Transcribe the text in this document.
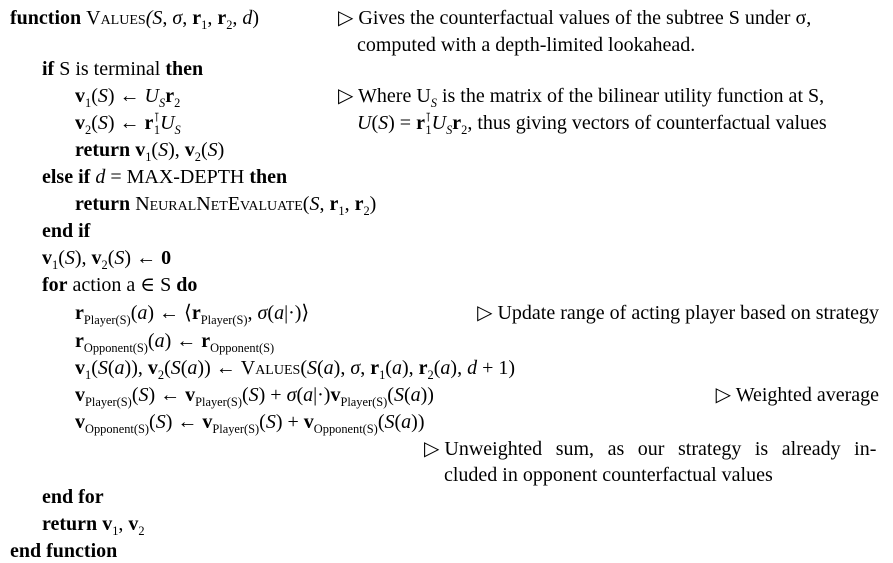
function Values(S, σ, $r_1$, $r_2$, d)	▷ Gives the counterfactual values of the subtree S under σ,
computed with a depth-limited lookahead.
if S is terminal then
$v_1(S)$ ← $U_Sr_2$	▷ Where $U_S$ is the matrix of the bilinear utility function at S,
$v_2(S)$ ← $r^⊺_1U_S$	$U(S) = r^⊺_1U_Sr_2$, thus giving vectors of counterfactual values
return $v_1(S)$, $v_2(S)$
else if d = MAX-DEPTH then
return NeuralNetEvaluate(S, $r_1$, $r_2$)
end if
$v_1(S)$, $v_2(S)$ ← 0
for action a ∈ S do
$r_{Player(S)}(a)$ ← $⟨r_{Player(S)}$, σ(a|·)⟩	▷ Update range of acting player based on strategy
$r_{Opponent(S)}(a)$ ← $r_{Opponent(S)}$
$v_1(S(a))$, $v_2(S(a))$ ← Values(S(a), σ, $r_1(a)$, $r_2(a)$, d + 1)
$v_{Player(S)}(S)$ ← $v_{Player(S)}(S) + \sigma(a|\cdot)v_{Player(S)}(S(a))$	▷ Weighted average
$v_{Opponent(S)}(S)$ ← $v_{Player(S)}(S) + v_{Opponent(S)}(S(a))$
▷ Unweighted sum, as our strategy is already in-
cluded in opponent counterfactual values
end for
return $v_1$, $v_2$
end function
